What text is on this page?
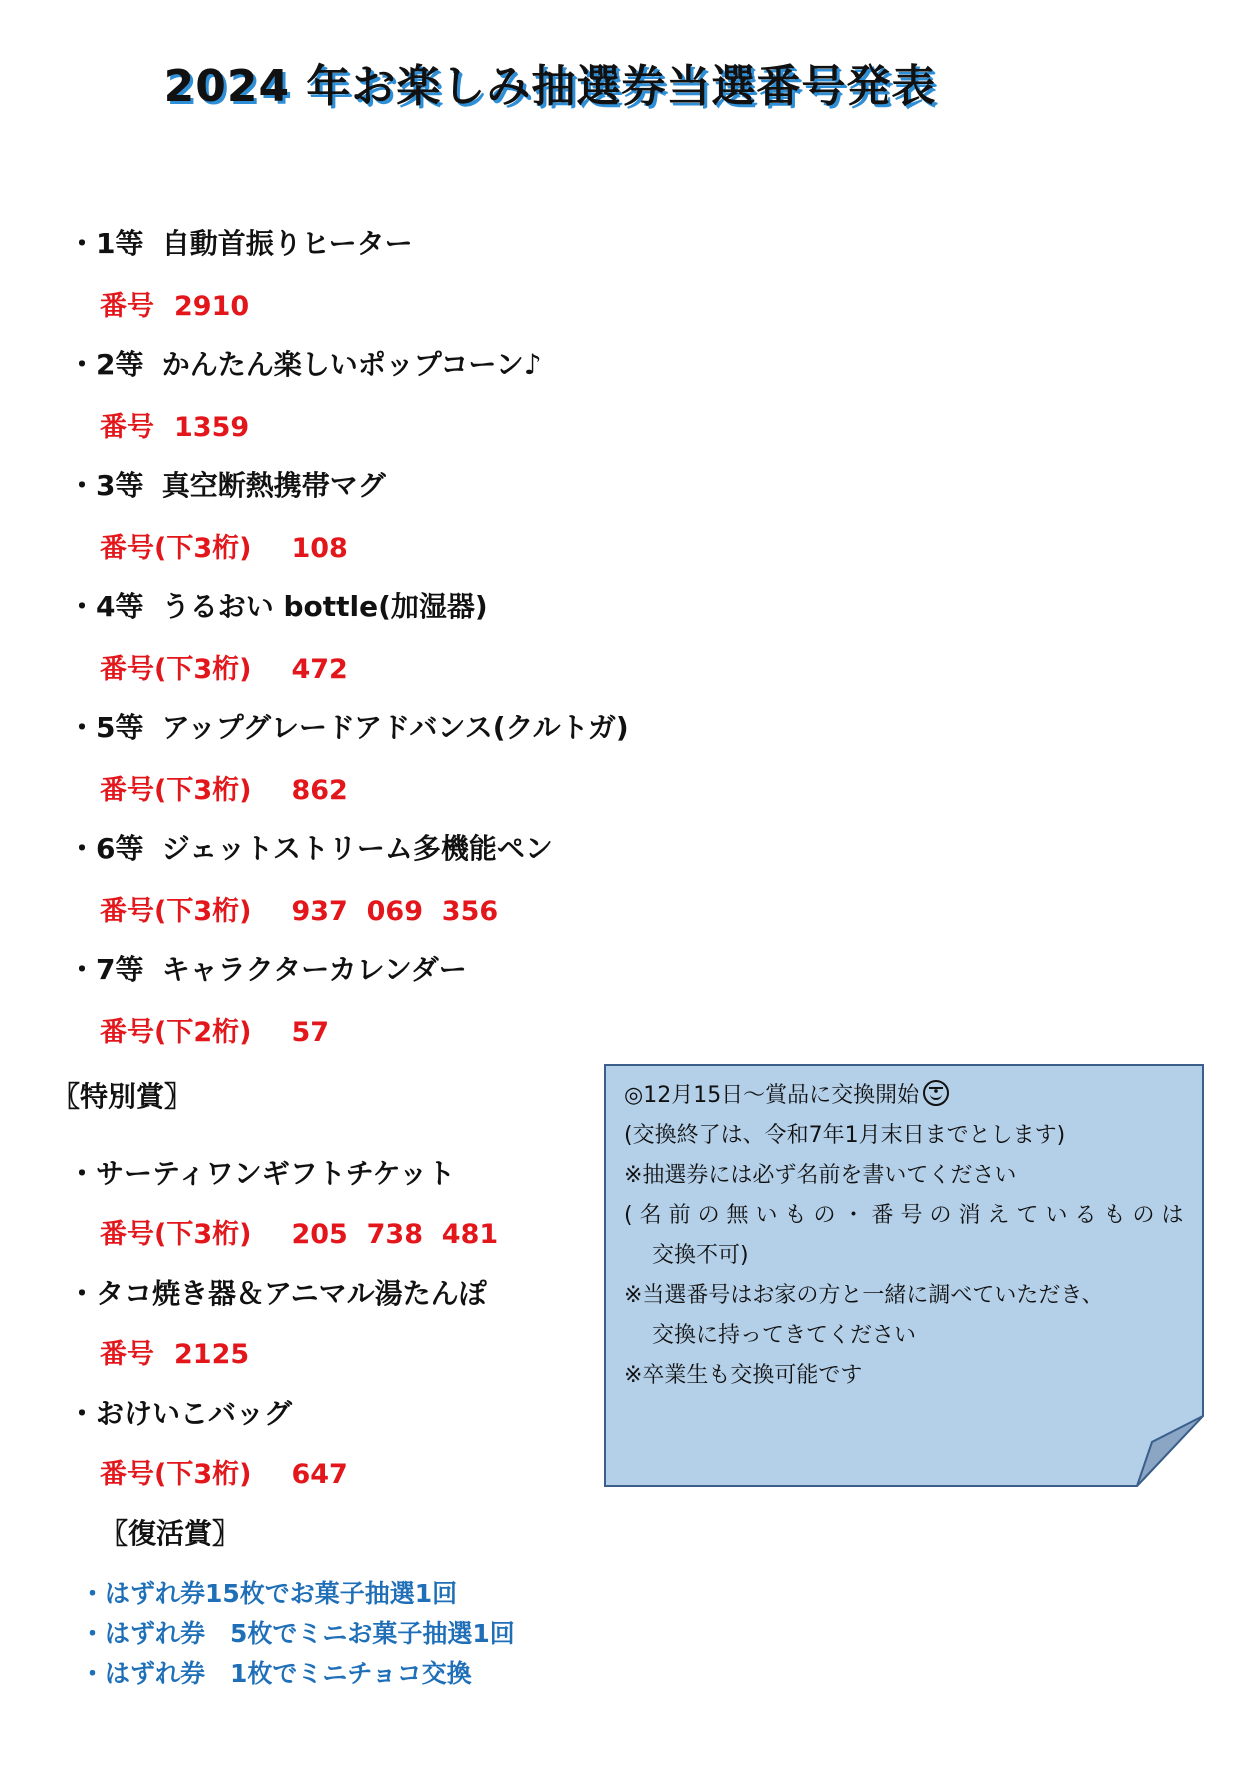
2024 年お楽しみ抽選券当選番号発表
・1等 自動首振りヒーター
番号 2910
・2等 かんたん楽しいポップコーン♪
番号 1359
・3等 真空断熱携帯マグ
番号(下3桁) 108
・4等 うるおい bottle(加湿器)
番号(下3桁) 472
・5等 アップグレードアドバンス(クルトガ)
番号(下3桁) 862
・6等 ジェットストリーム多機能ペン
番号(下3桁) 937  069  356
・7等 キャラクターカレンダー
番号(下2桁) 57
〖特別賞〗
・サーティワンギフトチケット
番号(下3桁) 205  738  481
・タコ焼き器＆アニマル湯たんぽ
番号 2125
・おけいこバッグ
番号(下3桁) 647
〖復活賞〗
・はずれ券15枚でお菓子抽選1回
・はずれ券　5枚でミニお菓子抽選1回
・はずれ券　1枚でミニチョコ交換
◎12月15日～賞品に交換開始
(交換終了は、令和7年1月末日までとします)
※抽選券には必ず名前を書いてください
( 名 前 の 無 い も の ・ 番 号 の 消 え て い る も の は
交換不可)
※当選番号はお家の方と一緒に調べていただき、
交換に持ってきてください
※卒業生も交換可能です
